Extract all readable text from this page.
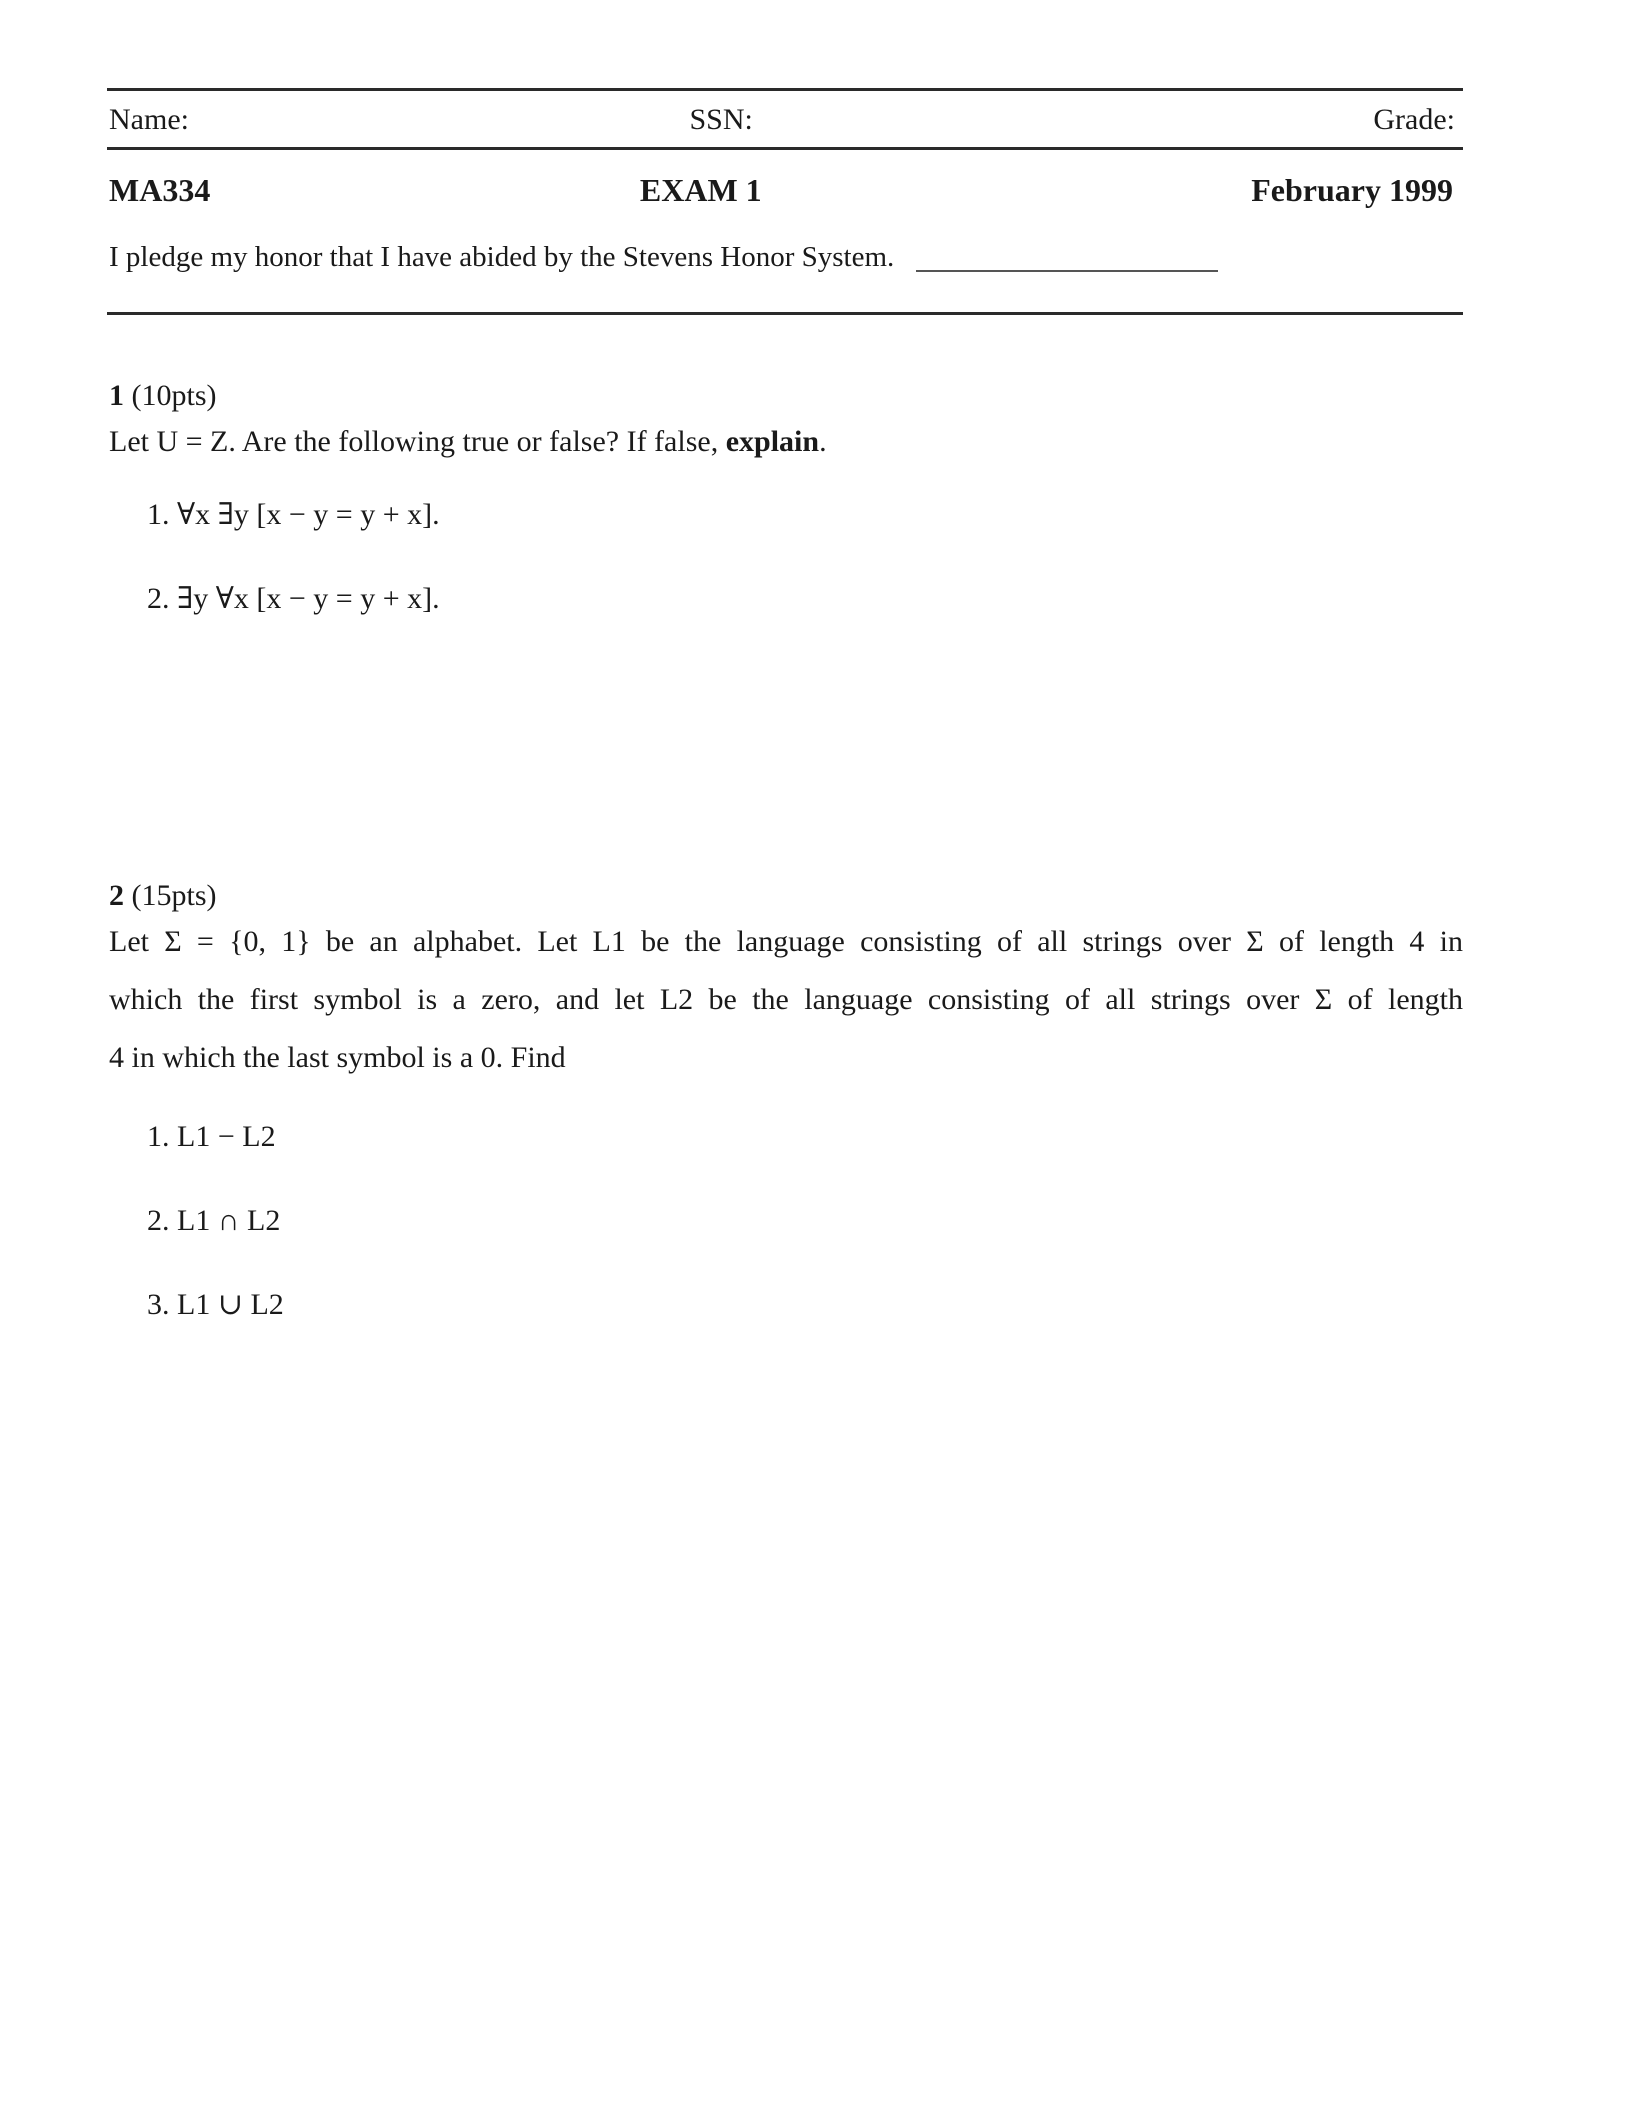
Name:	SSN:	Grade:
MA334	EXAM 1	February 1999
I pledge my honor that I have abided by the Stevens Honor System.
1 (10pts)
Let U = Z. Are the following true or false? If false, explain.
1. ∀x ∃y [x − y = y + x].
2. ∃y ∀x [x − y = y + x].
2 (15pts)
Let Σ = {0, 1} be an alphabet. Let L1 be the language consisting of all strings over Σ of length 4 in
which the first symbol is a zero, and let L2 be the language consisting of all strings over Σ of length
4 in which the last symbol is a 0. Find
1. L1 − L2
2. L1 ∩ L2
3. L1 ∪ L2
